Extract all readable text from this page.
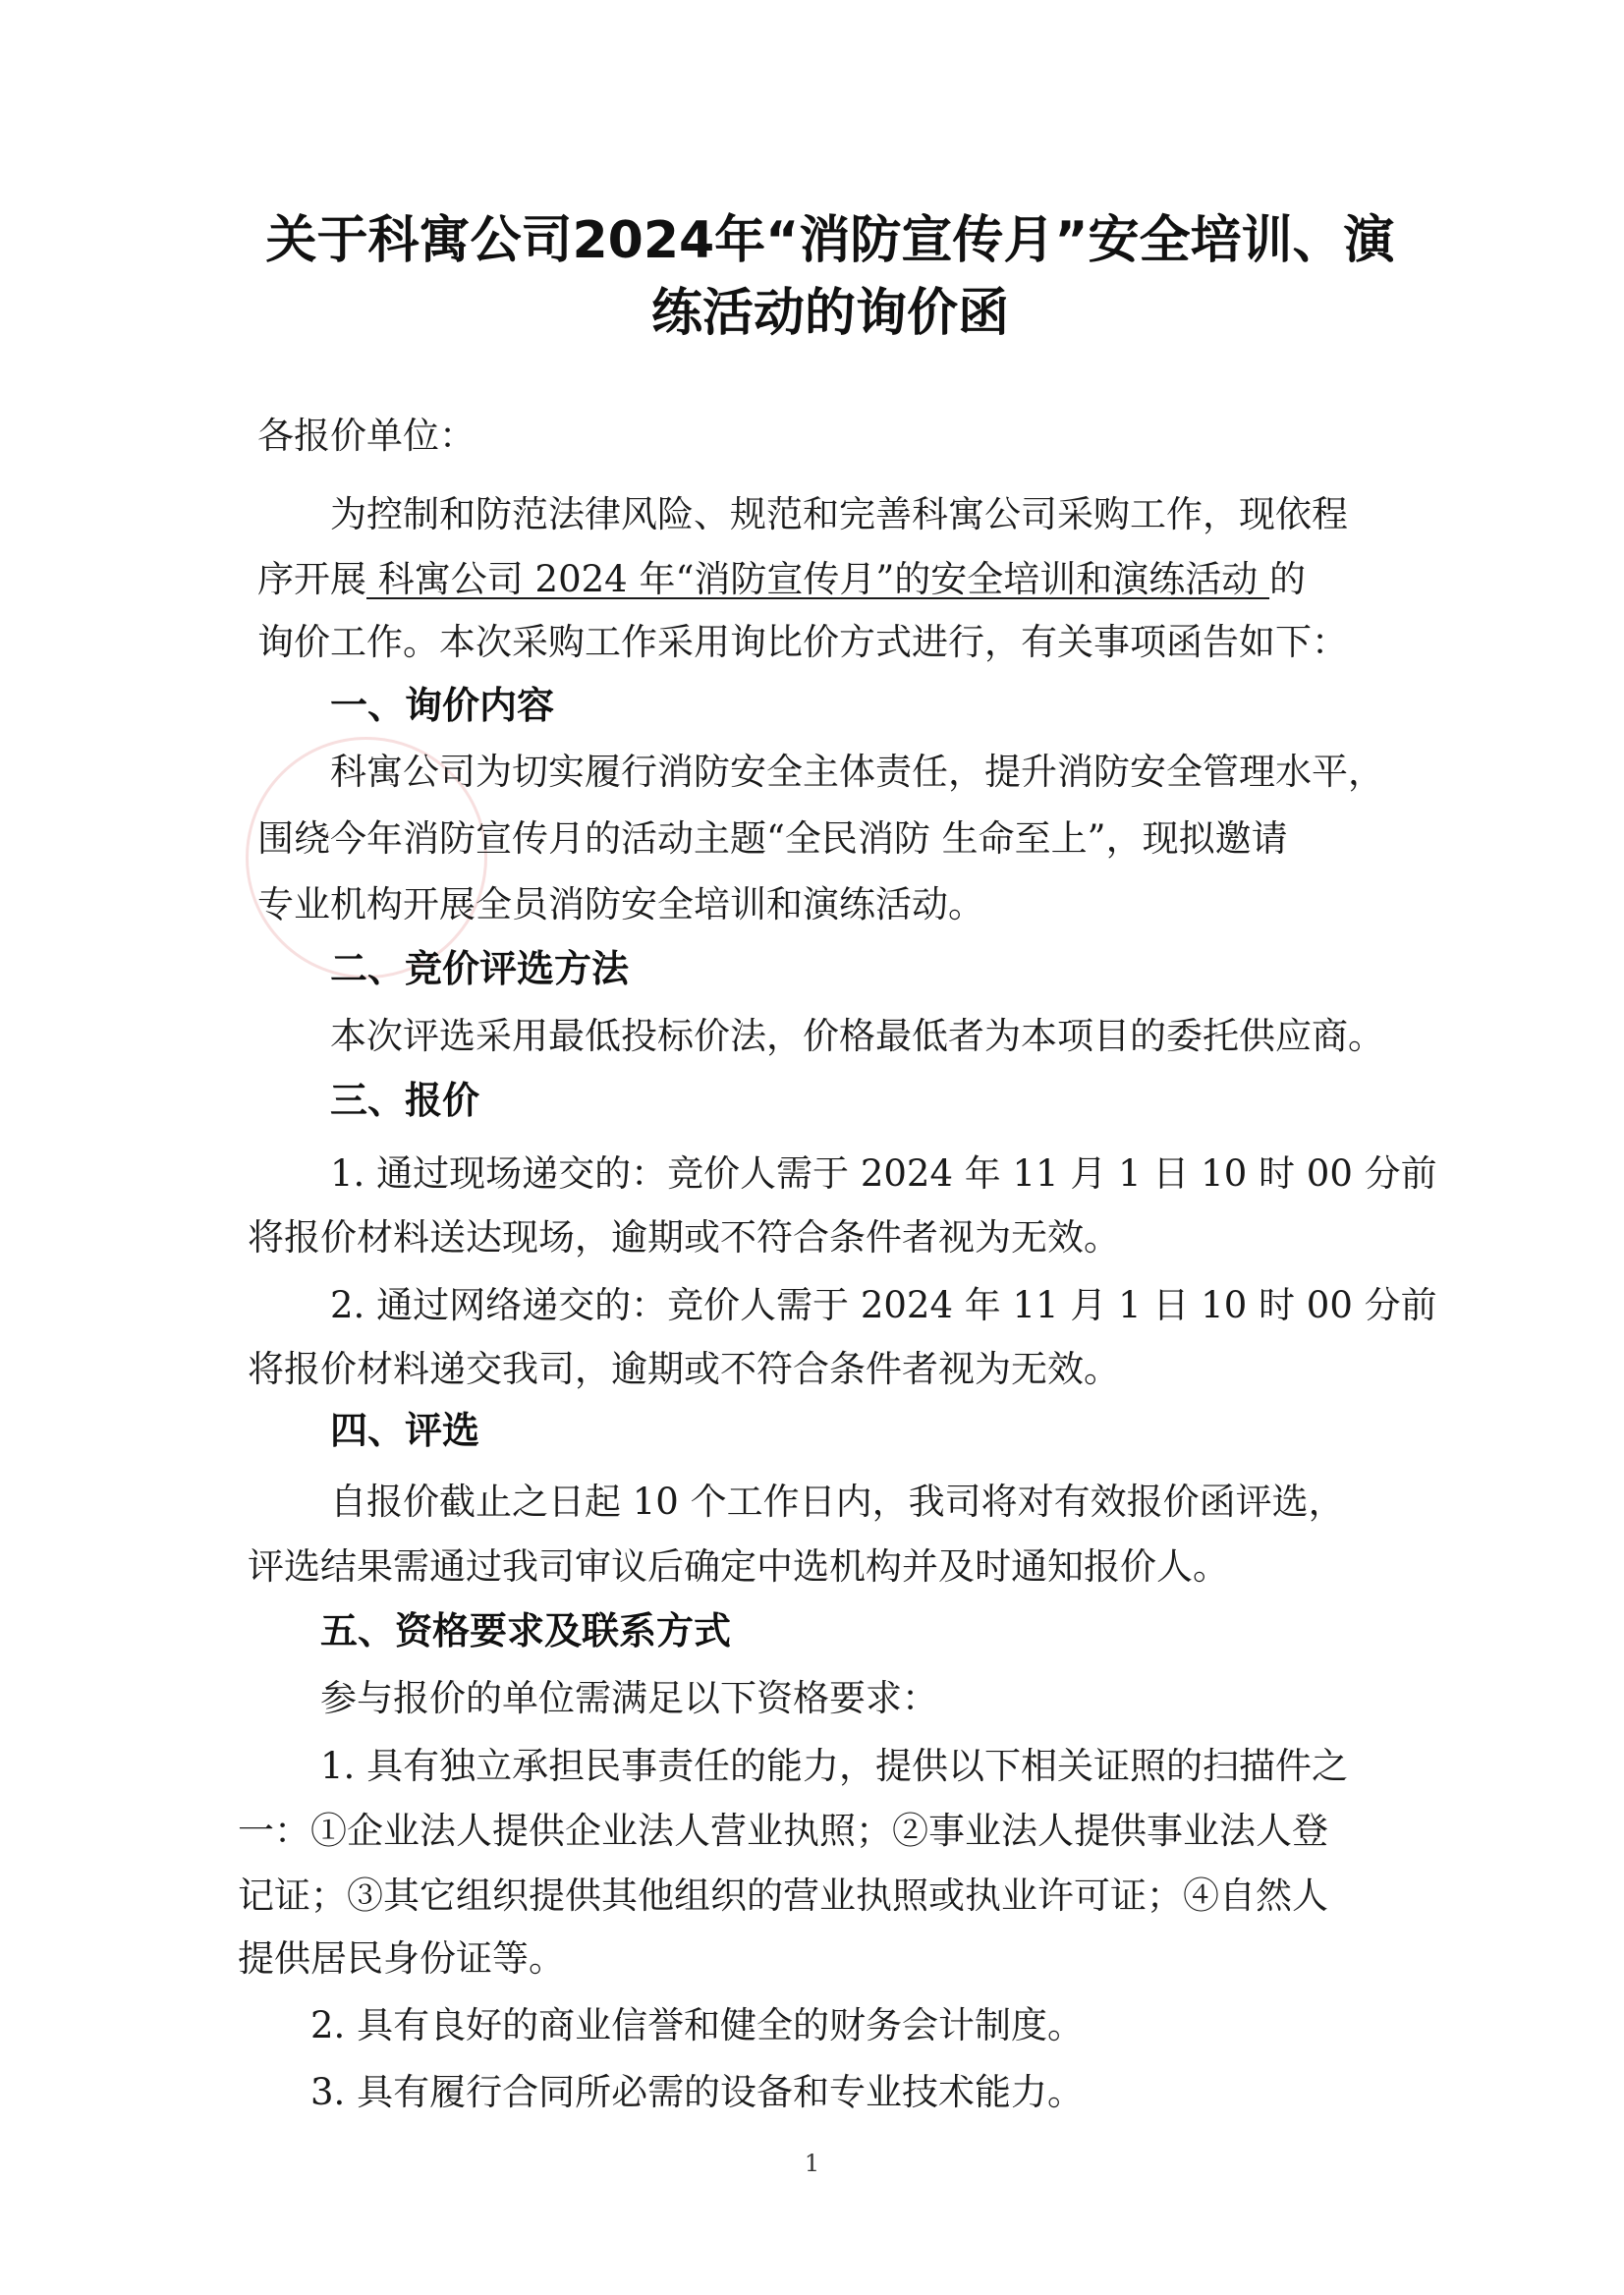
关于科寓公司2024年“消防宣传月”安全培训、演
练活动的询价函
各报价单位：
为控制和防范法律风险、规范和完善科寓公司采购工作，现依程
序开展 科寓公司 2024 年“消防宣传月”的安全培训和演练活动 的
询价工作。本次采购工作采用询比价方式进行，有关事项函告如下：
一、询价内容
科寓公司为切实履行消防安全主体责任，提升消防安全管理水平，
围绕今年消防宣传月的活动主题“全民消防 生命至上”，现拟邀请
专业机构开展全员消防安全培训和演练活动。
二、竞价评选方法
本次评选采用最低投标价法，价格最低者为本项目的委托供应商。
三、报价
1. 通过现场递交的：竞价人需于 2024 年 11 月 1 日 10 时 00 分前
将报价材料送达现场，逾期或不符合条件者视为无效。
2. 通过网络递交的：竞价人需于 2024 年 11 月 1 日 10 时 00 分前
将报价材料递交我司，逾期或不符合条件者视为无效。
四、评选
自报价截止之日起 10 个工作日内，我司将对有效报价函评选，
评选结果需通过我司审议后确定中选机构并及时通知报价人。
五、资格要求及联系方式
参与报价的单位需满足以下资格要求：
1. 具有独立承担民事责任的能力，提供以下相关证照的扫描件之
一：①企业法人提供企业法人营业执照；②事业法人提供事业法人登
记证；③其它组织提供其他组织的营业执照或执业许可证；④自然人
提供居民身份证等。
2. 具有良好的商业信誉和健全的财务会计制度。
3. 具有履行合同所必需的设备和专业技术能力。
1
